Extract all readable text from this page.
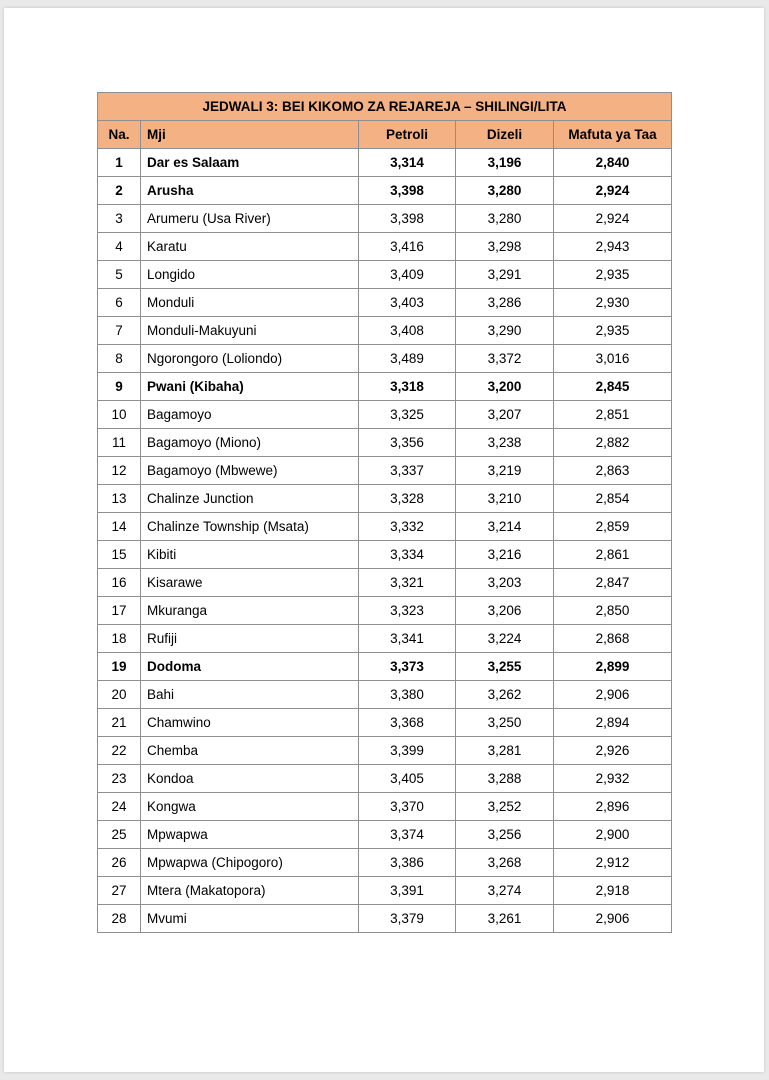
JEDWALI 3: BEI KIKOMO ZA REJAREJA – SHILINGI/LITA				
Na.	Mji	Petroli	Dizeli	Mafuta ya Taa
1	Dar es Salaam	3,314	3,196	2,840
2	Arusha	3,398	3,280	2,924
3	Arumeru (Usa River)	3,398	3,280	2,924
4	Karatu	3,416	3,298	2,943
5	Longido	3,409	3,291	2,935
6	Monduli	3,403	3,286	2,930
7	Monduli-Makuyuni	3,408	3,290	2,935
8	Ngorongoro (Loliondo)	3,489	3,372	3,016
9	Pwani (Kibaha)	3,318	3,200	2,845
10	Bagamoyo	3,325	3,207	2,851
11	Bagamoyo (Miono)	3,356	3,238	2,882
12	Bagamoyo (Mbwewe)	3,337	3,219	2,863
13	Chalinze Junction	3,328	3,210	2,854
14	Chalinze Township (Msata)	3,332	3,214	2,859
15	Kibiti	3,334	3,216	2,861
16	Kisarawe	3,321	3,203	2,847
17	Mkuranga	3,323	3,206	2,850
18	Rufiji	3,341	3,224	2,868
19	Dodoma	3,373	3,255	2,899
20	Bahi	3,380	3,262	2,906
21	Chamwino	3,368	3,250	2,894
22	Chemba	3,399	3,281	2,926
23	Kondoa	3,405	3,288	2,932
24	Kongwa	3,370	3,252	2,896
25	Mpwapwa	3,374	3,256	2,900
26	Mpwapwa (Chipogoro)	3,386	3,268	2,912
27	Mtera (Makatopora)	3,391	3,274	2,918
28	Mvumi	3,379	3,261	2,906
